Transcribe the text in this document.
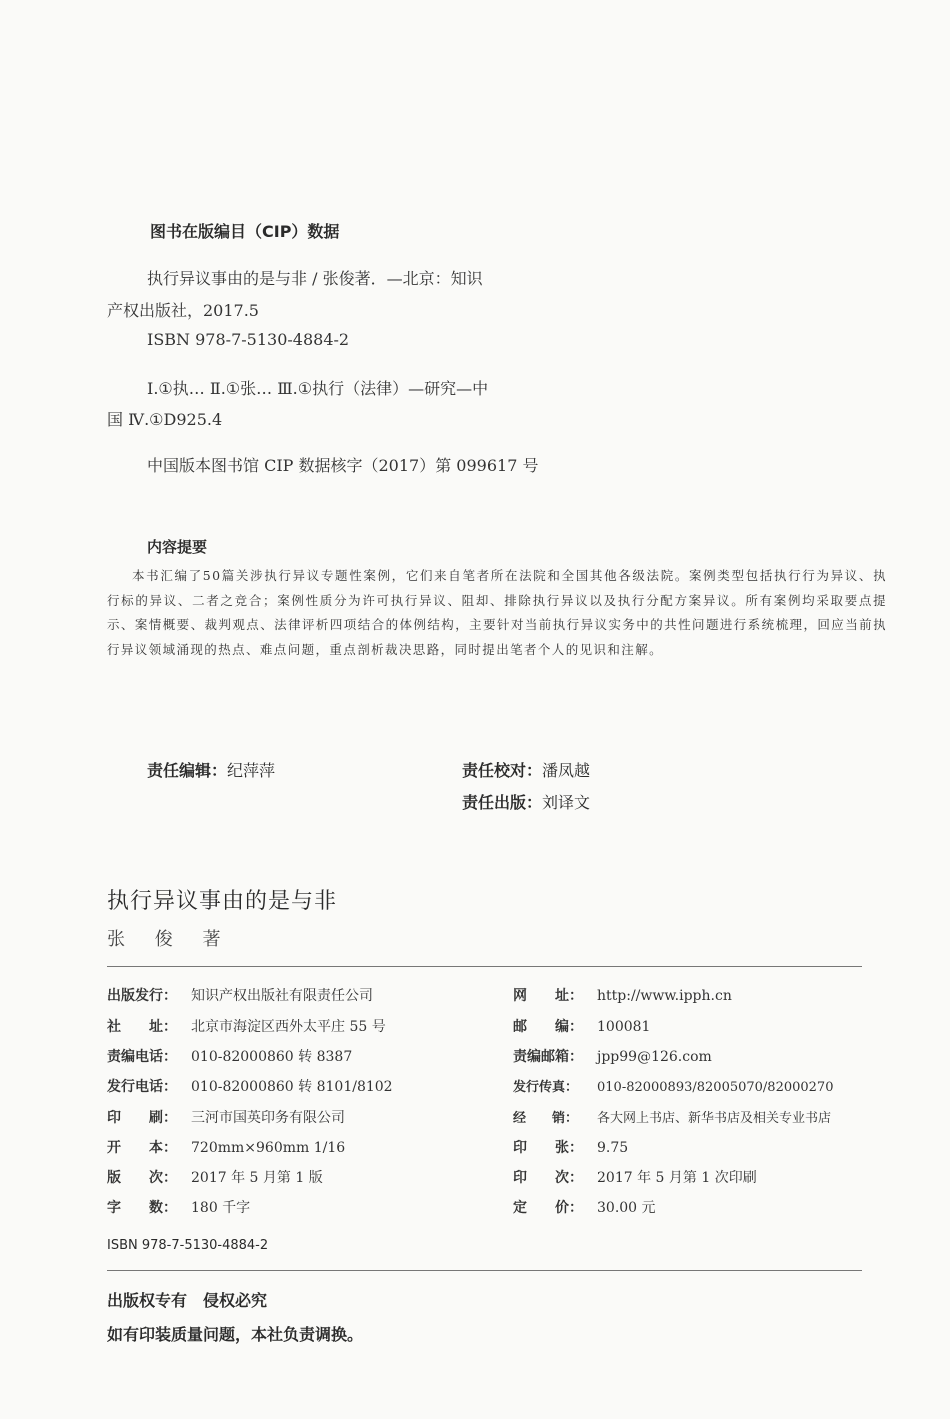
图书在版编目（CIP）数据
执行异议事由的是与非 / 张俊著．—北京：知识
产权出版社，2017.5
ISBN 978-7-5130-4884-2
Ⅰ.①执… Ⅱ.①张… Ⅲ.①执行（法律）—研究—中
国 Ⅳ.①D925.4
中国版本图书馆 CIP 数据核字（2017）第 099617 号
内容提要
本书汇编了50篇关涉执行异议专题性案例，它们来自笔者所在法院和全国其他各级法院。案例类型包括执行行为异议、执行标的异议、二者之竞合；案例性质分为许可执行异议、阻却、排除执行异议以及执行分配方案异议。所有案例均采取要点提示、案情概要、裁判观点、法律评析四项结合的体例结构，主要针对当前执行异议实务中的共性问题进行系统梳理，回应当前执行异议领域涌现的热点、难点问题，重点剖析裁决思路，同时提出笔者个人的见识和注解。
责任编辑：纪萍萍	责任校对：潘凤越
责任出版：刘译文
执行异议事由的是与非
张 俊 著
出版发行： 知识产权出版社有限责任公司
社　　址： 北京市海淀区西外太平庄 55 号
责编电话： 010-82000860 转 8387
发行电话： 010-82000860 转 8101/8102
印　　刷： 三河市国英印务有限公司
开　　本： 720mm×960mm 1/16
版　　次： 2017 年 5 月第 1 版
字　　数： 180 千字
网　　址： http://www.ipph.cn
邮　　编： 100081
责编邮箱： jpp99@126.com
发行传真： 010-82000893/82005070/82000270
经　　销： 各大网上书店、新华书店及相关专业书店
印　　张： 9.75
印　　次： 2017 年 5 月第 1 次印刷
定　　价： 30.00 元
ISBN 978-7-5130-4884-2
出版权专有　侵权必究
如有印装质量问题，本社负责调换。
